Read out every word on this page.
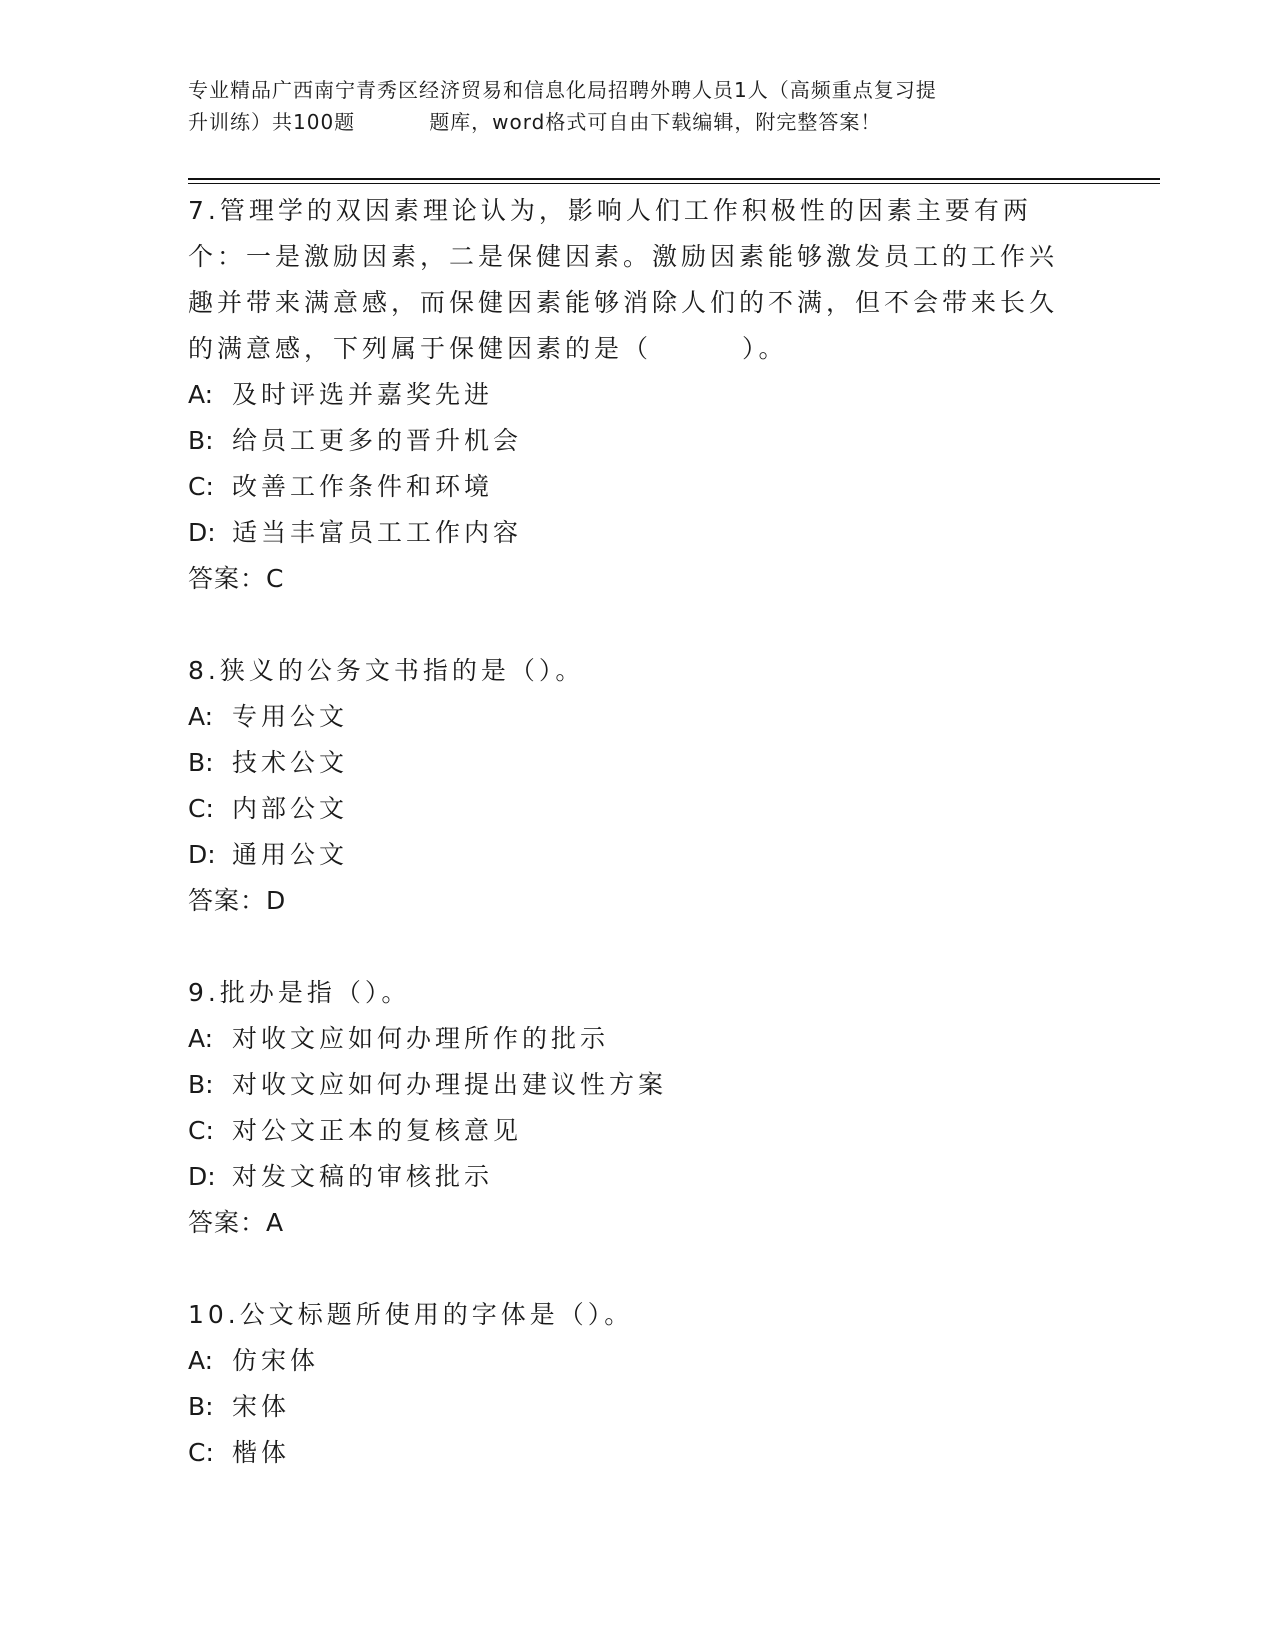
专业精品广西南宁青秀区经济贸易和信息化局招聘外聘人员1人（高频重点复习提
升训练）共100题	题库，word格式可自由下载编辑，附完整答案！
7.管理学的双因素理论认为，影响人们工作积极性的因素主要有两个：一是激励因素，二是保健因素。激励因素能够激发员工的工作兴趣并带来满意感，而保健因素能够消除人们的不满，但不会带来长久的满意感，下列属于保健因素的是（	）。
A: 及时评选并嘉奖先进
B: 给员工更多的晋升机会
C: 改善工作条件和环境
D: 适当丰富员工工作内容
答案：C
8.狭义的公务文书指的是（）。
A: 专用公文
B: 技术公文
C: 内部公文
D: 通用公文
答案：D
9.批办是指（）。
A: 对收文应如何办理所作的批示
B: 对收文应如何办理提出建议性方案
C: 对公文正本的复核意见
D: 对发文稿的审核批示
答案：A
10.公文标题所使用的字体是（）。
A: 仿宋体
B: 宋体
C: 楷体
